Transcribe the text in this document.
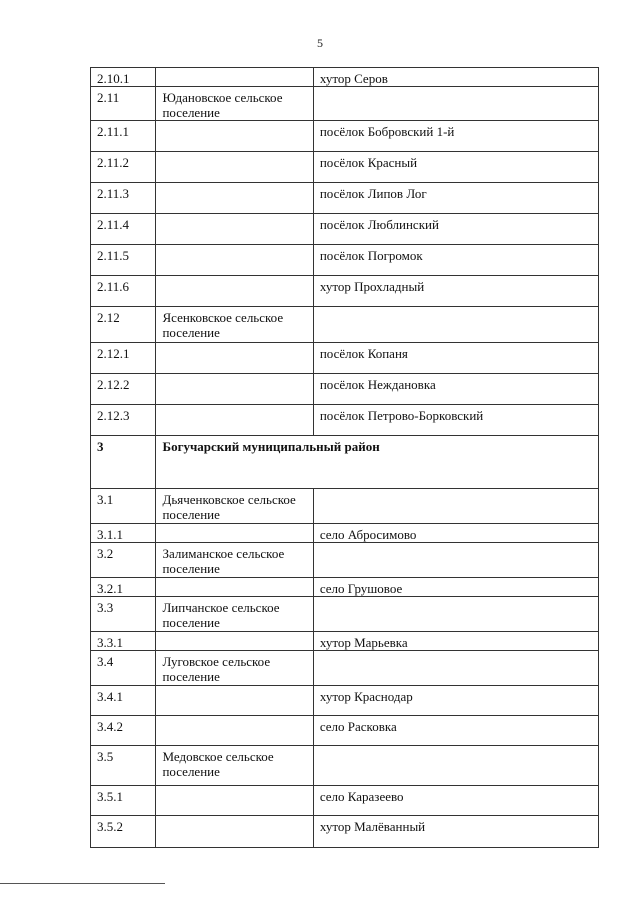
5
2.10.1		хутор Серов
2.11	Юдановское сельское поселение	
2.11.1		посёлок Бобровский 1-й
2.11.2		посёлок Красный
2.11.3		посёлок Липов Лог
2.11.4		посёлок Люблинский
2.11.5		посёлок Погромок
2.11.6		хутор Прохладный
2.12	Ясенковское сельское поселение	
2.12.1		посёлок Копаня
2.12.2		посёлок Неждановка
2.12.3		посёлок Петрово-Борковский
3	Богучарский муниципальный район	
3.1	Дьяченковское сельское поселение	
3.1.1		село Абросимово
3.2	Залиманское сельское поселение	
3.2.1		село Грушовое
3.3	Липчанское сельское поселение	
3.3.1		хутор Марьевка
3.4	Луговское сельское поселение	
3.4.1		хутор Краснодар
3.4.2		село Расковка
3.5	Медовское сельское поселение	
3.5.1		село Каразеево
3.5.2		хутор Малёванный
